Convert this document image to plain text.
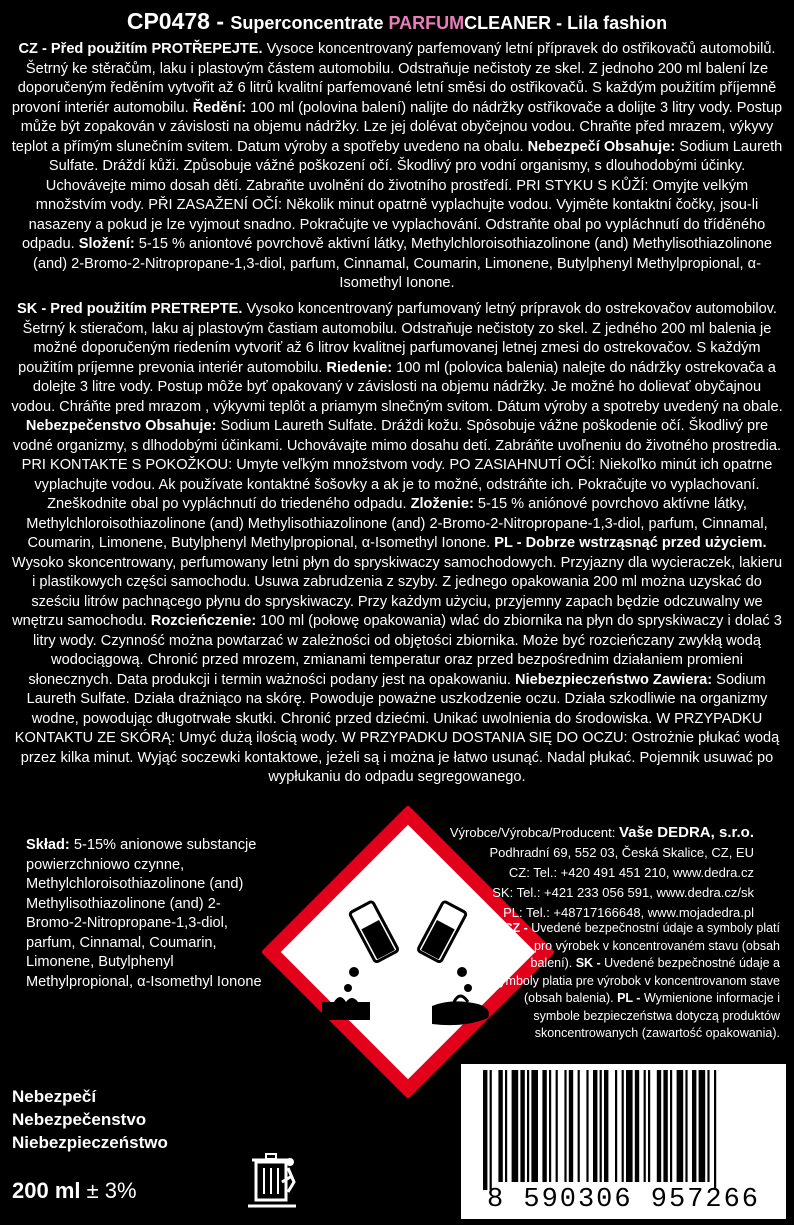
CP0478 - Superconcentrate PARFUMCLEANER - Lila fashion

CZ - Před použitím PROTŘEPEJTE. Vysoce koncentrovaný parfemovaný letní přípravek do ostřikovačů automobilů. Šetrný ke stěračům, laku i plastovým částem automobilu. Odstraňuje nečistoty ze skel. Z jednoho 200 ml balení lze doporučeným ředěním vytvořit až 6 litrů kvalitní parfemované letní směsi do ostřikovačů. S každým použitím příjemně provoní interiér automobilu. Ředění: 100 ml (polovina balení) nalijte do nádržky ostřikovače a dolijte 3 litry vody. Postup může být zopakován v závislosti na objemu nádržky. Lze jej dolévat obyčejnou vodou. Chraňte před mrazem, výkyvy teplot a přímým slunečním svitem. Datum výroby a spotřeby uvedeno na obalu. Nebezpečí Obsahuje: Sodium Laureth Sulfate. Dráždí kůži. Způsobuje vážné poškození očí. Škodlivý pro vodní organismy, s dlouhodobými účinky. Uchovávejte mimo dosah dětí. Zabraňte uvolnění do životního prostředí. PRI STYKU S KŮŽÍ: Omyjte velkým množstvím vody. PŘI ZASAŽENÍ OČÍ: Několik minut opatrně vyplachujte vodou. Vyjměte kontaktní čočky, jsou-li nasazeny a pokud je lze vyjmout snadno. Pokračujte ve vyplachování. Odstraňte obal po vypláchnutí do tříděného odpadu. Složení: 5-15 % aniontové povrchově aktivní látky, Methylchloroisothiazolinone (and) Methylisothiazolinone (and) 2-Bromo-2-Nitropropane-1,3-diol, parfum, Cinnamal, Coumarin, Limonene, Butylphenyl Methylpropional, α-Isomethyl Ionone.

SK - Pred použitím PRETREPTE. Vysoko koncentrovaný parfumovaný letný prípravok do ostrekovačov automobilov. Šetrný k stieračom, laku aj plastovým častiam automobilu. Odstraňuje nečistoty zo skel. Z jedného 200 ml balenia je možné doporučeným riedením vytvoriť až 6 litrov kvalitnej parfumovanej letnej zmesi do ostrekovačov. S každým použitím príjemne prevonia interiér automobilu. Riedenie: 100 ml (polovica balenia) nalejte do nádržky ostrekovača a dolejte 3 litre vody. Postup môže byť opakovaný v závislosti na objemu nádržky. Je možné ho dolievať obyčajnou vodou. Chráňte pred mrazom , výkyvmi teplôt a priamym slnečným svitom. Dátum výroby a spotreby uvedený na obale. Nebezpečenstvo Obsahuje: Sodium Laureth Sulfate. Dráždi kožu. Spôsobuje vážne poškodenie očí. Škodlivý pre vodné organizmy, s dlhodobými účinkami. Uchovávajte mimo dosahu detí. Zabráňte uvoľneniu do životného prostredia. PRI KONTAKTE S POKOŽKOU: Umyte veľkým množstvom vody. PO ZASIAHNUTÍ OČÍ: Niekoľko minút ich opatrne vyplachujte vodou. Ak používate kontaktné šošovky a ak je to možné, odstráňte ich. Pokračujte vo vyplachovaní. Zneškodnite obal po vypláchnutí do triedeného odpadu. Zloženie: 5-15 % aniónové povrchovo aktívne látky, Methylchloroisothiazolinone (and) Methylisothiazolinone (and) 2-Bromo-2-Nitropropane-1,3-diol, parfum, Cinnamal, Coumarin, Limonene, Butylphenyl Methylpropional, α-Isomethyl Ionone. PL - Dobrze wstrząsnąć przed użyciem. Wysoko skoncentrowany, perfumowany letni płyn do spryskiwaczy samochodowych. Przyjazny dla wycieraczek, lakieru i plastikowych części samochodu. Usuwa zabrudzenia z szyby. Z jednego opakowania 200 ml można uzyskać do sześciu litrów pachnącego płynu do spryskiwaczy. Przy każdym użyciu, przyjemny zapach będzie odczuwalny we wnętrzu samochodu. Rozcieńczenie: 100 ml (połowę opakowania) wlać do zbiornika na płyn do spryskiwaczy i dolać 3 litry wody. Czynność można powtarzać w zależności od objętości zbiornika. Może być rozcieńczany zwykłą wodą wodociągową. Chronić przed mrozem, zmianami temperatur oraz przed bezpośrednim działaniem promieni słonecznych. Data produkcji i termin ważności podany jest na opakowaniu. Niebezpieczeństwo Zawiera: Sodium Laureth Sulfate. Działa drażniąco na skórę. Powoduje poważne uszkodzenie oczu. Działa szkodliwie na organizmy wodne, powodując długotrwałe skutki. Chronić przed dziećmi. Unikać uwolnienia do środowiska. W PRZYPADKU KONTAKTU ZE SKÓRĄ: Umyć dużą ilością wody. W PRZYPADKU DOSTANIA SIĘ DO OCZU: Ostrożnie płukać wodą przez kilka minut. Wyjąć soczewki kontaktowe, jeżeli są i można je łatwo usunąć. Nadal płukać. Pojemnik usuwać po wypłukaniu do odpadu segregowanego.

Skład: 5-15% anionowe substancje powierzchniowo czynne, Methylchloroisothiazolinone (and) Methylisothiazolinone (and) 2-Bromo-2-Nitropropane-1,3-diol, parfum, Cinnamal, Coumarin, Limonene, Butylphenyl Methylpropional, α-Isomethyl Ionone
Výrobce/Výrobca/Producent: Vaše DEDRA, s.r.o.
Podhradní 69, 552 03, Česká Skalice, CZ, EU
CZ: Tel.: +420 491 451 210, www.dedra.cz
SK: Tel.: +421 233 056 591, www.dedra.cz/sk
PL: Tel.: +48717166648, www.mojadedra.pl
CZ - Uvedené bezpečnostní údaje a symboly platí pro výrobek v koncentrovaném stavu (obsah balení). SK - Uvedené bezpečnostné údaje a symboly platia pre výrobok v koncentrovanom stave (obsah balenia). PL - Wymienione informacje i symbole bezpieczeństwa dotyczą produktów skoncentrowanych (zawartość opakowania).
Nebezpečí
Nebezpečenstvo
Niebezpieczeństwo
200 ml ± 3%	8 590306 957266
